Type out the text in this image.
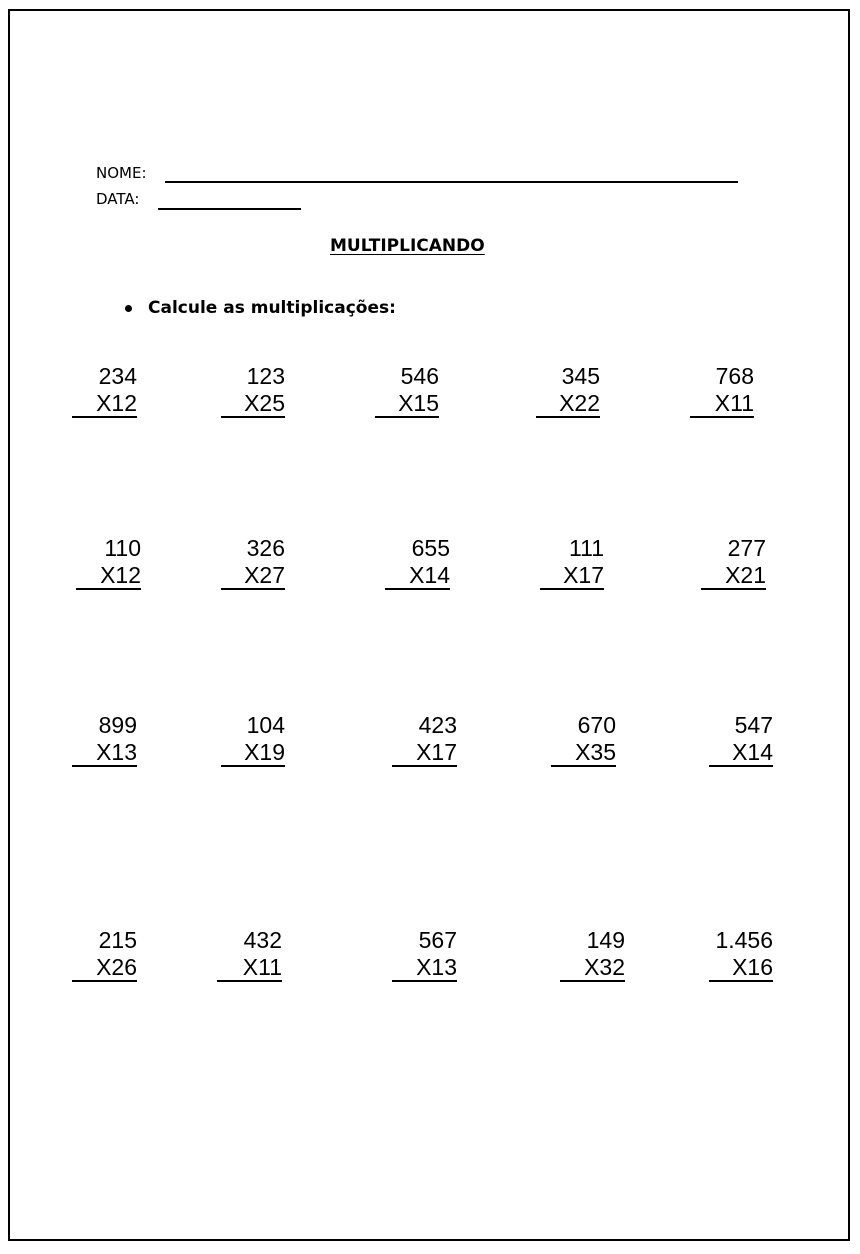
NOME:
DATA:
MULTIPLICANDO
Calcule as multiplicações:
234
X12
123
X25
546
X15
345
X22
768
X11
110
X12
326
X27
655
X14
111
X17
277
X21
899
X13
104
X19
423
X17
670
X35
547
X14
215
X26
432
X11
567
X13
149
X32
1.456
X16
